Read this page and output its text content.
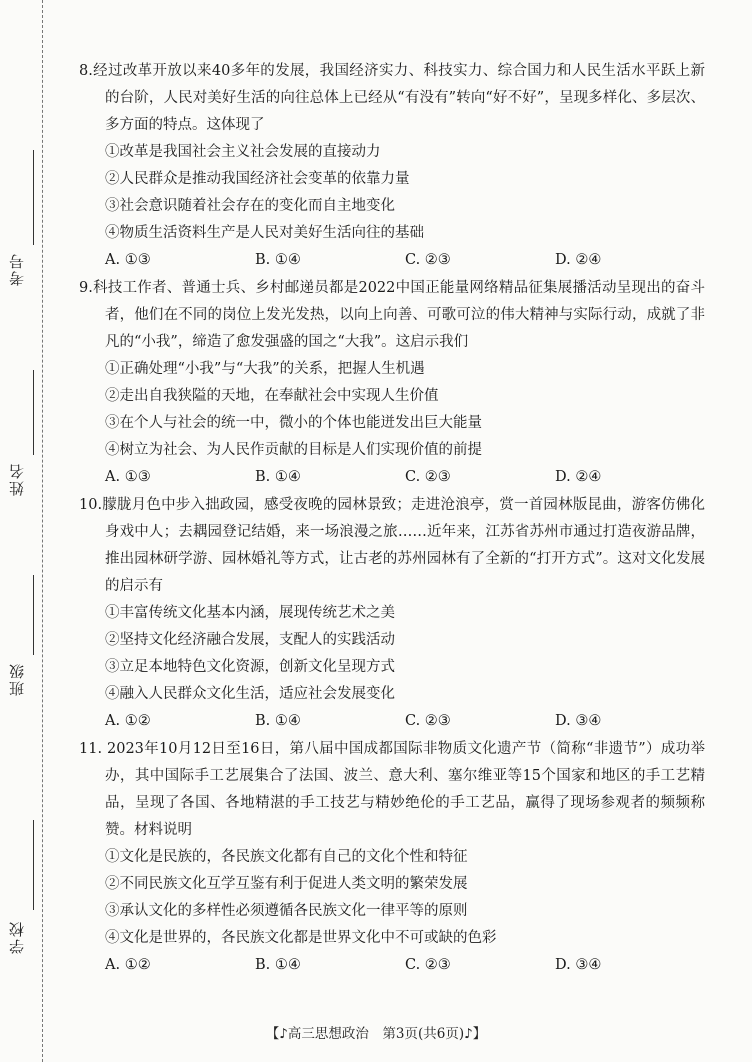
考号
姓名
班级
学校
8.经过改革开放以来40多年的发展，我国经济实力、科技实力、综合国力和人民生活水平跃上新的台阶，人民对美好生活的向往总体上已经从“有没有”转向“好不好”，呈现多样化、多层次、多方面的特点。这体现了
①改革是我国社会主义社会发展的直接动力
②人民群众是推动我国经济社会变革的依靠力量
③社会意识随着社会存在的变化而自主地变化
④物质生活资料生产是人民对美好生活向往的基础
A. ①③	B. ①④	C. ②③	D. ②④
9.科技工作者、普通士兵、乡村邮递员都是2022中国正能量网络精品征集展播活动呈现出的奋斗者，他们在不同的岗位上发光发热，以向上向善、可歌可泣的伟大精神与实际行动，成就了非凡的“小我”，缔造了愈发强盛的国之“大我”。这启示我们
①正确处理“小我”与“大我”的关系，把握人生机遇
②走出自我狭隘的天地，在奉献社会中实现人生价值
③在个人与社会的统一中，微小的个体也能迸发出巨大能量
④树立为社会、为人民作贡献的目标是人们实现价值的前提
A. ①③	B. ①④	C. ②③	D. ②④
10.朦胧月色中步入拙政园，感受夜晚的园林景致；走进沧浪亭，赏一首园林版昆曲，游客仿佛化身戏中人；去耦园登记结婚，来一场浪漫之旅……近年来，江苏省苏州市通过打造夜游品牌，推出园林研学游、园林婚礼等方式，让古老的苏州园林有了全新的“打开方式”。这对文化发展的启示有
①丰富传统文化基本内涵，展现传统艺术之美
②坚持文化经济融合发展，支配人的实践活动
③立足本地特色文化资源，创新文化呈现方式
④融入人民群众文化生活，适应社会发展变化
A. ①②	B. ①④	C. ②③	D. ③④
11. 2023年10月12日至16日，第八届中国成都国际非物质文化遗产节（简称“非遗节”）成功举办，其中国际手工艺展集合了法国、波兰、意大利、塞尔维亚等15个国家和地区的手工艺精品，呈现了各国、各地精湛的手工技艺与精妙绝伦的手工艺品，赢得了现场参观者的频频称赞。材料说明
①文化是民族的，各民族文化都有自己的文化个性和特征
②不同民族文化互学互鉴有利于促进人类文明的繁荣发展
③承认文化的多样性必须遵循各民族文化一律平等的原则
④文化是世界的，各民族文化都是世界文化中不可或缺的色彩
A. ①②	B. ①④	C. ②③	D. ③④
【♪高三思想政治　第3页(共6页)♪】
